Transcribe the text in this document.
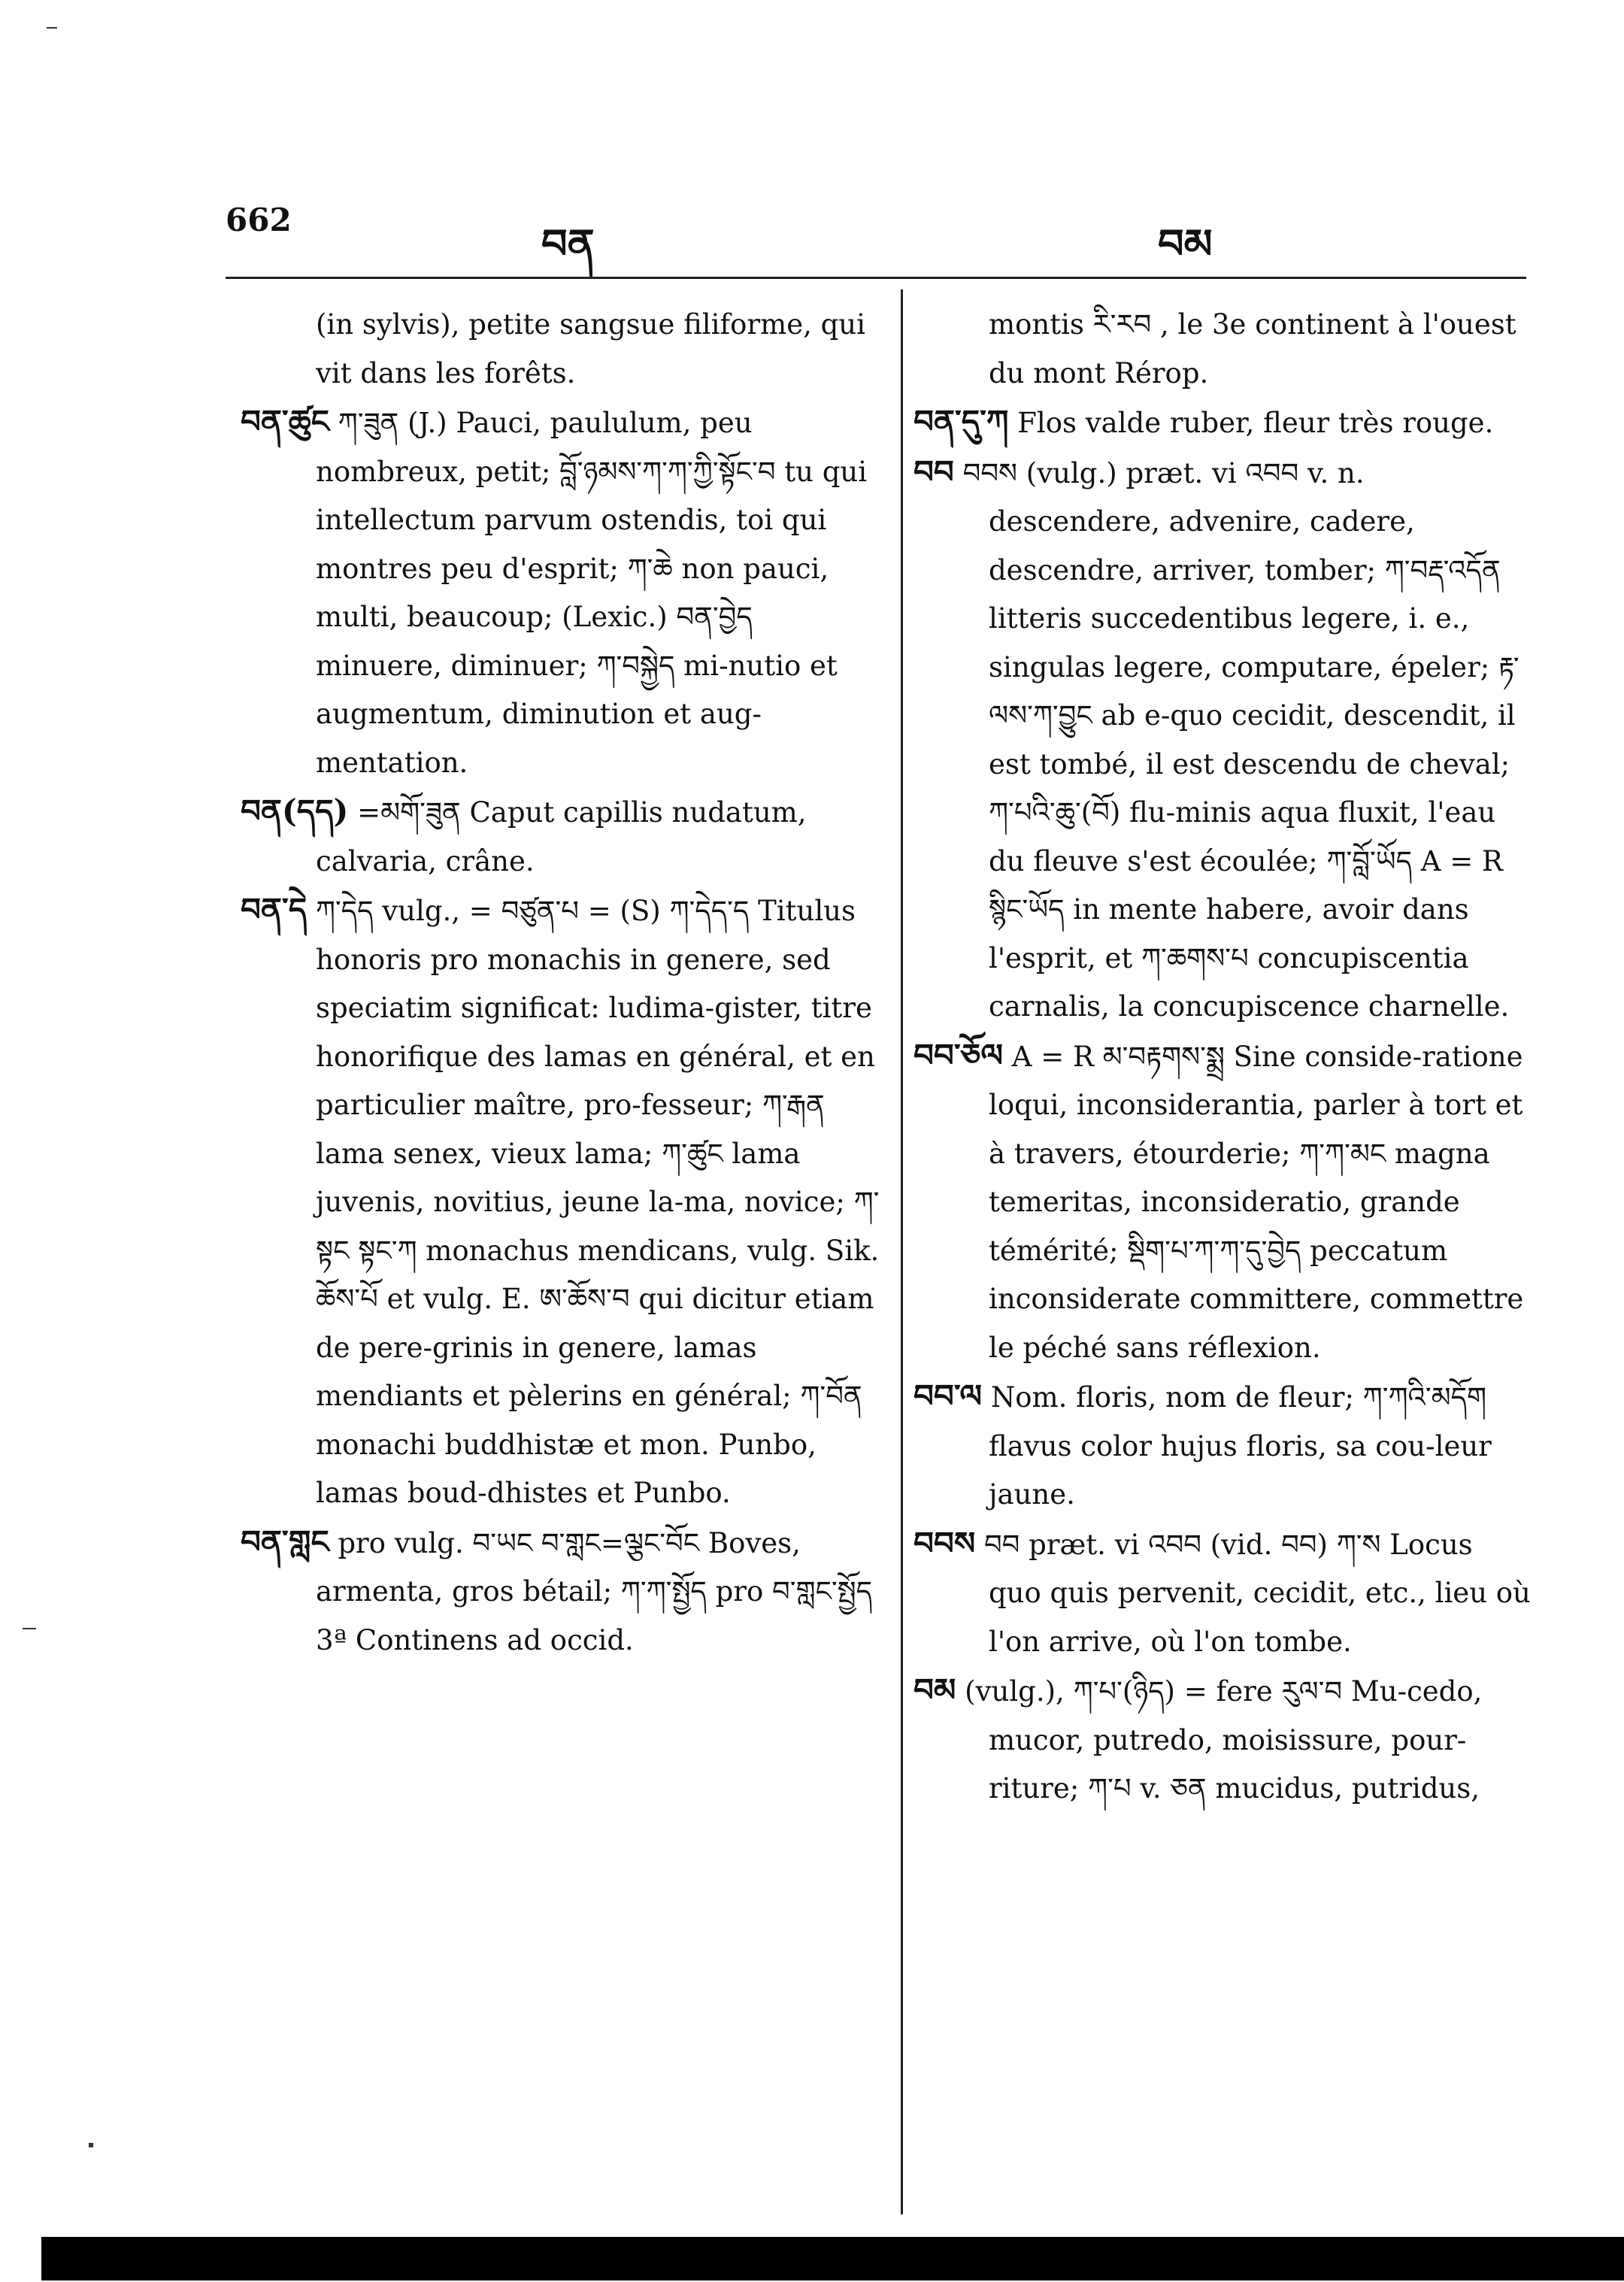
662	བན	བམ

(in sylvis), petite sangsue filiforme, qui vit dans les forêts.

བན་ཚུང ཀ་ཟུན (J.) Pauci, paululum, peu nombreux, petit; བློ་ཉམས་ཀ་ཀ་ཀྱི་སྟོང་བ tu qui intellectum parvum ostendis, toi qui montres peu d'esprit; ཀ་ཆེ non pauci, multi, beaucoup; (Lexic.) བན་བྱེད minuere, diminuer; ཀ་བསྐྱེད mi-nutio et augmentum, diminution et aug-mentation.

བན(དད) =མགོ་ཟུན Caput capillis nudatum, calvaria, crâne.

བན་དེ ཀ་དེད vulg., = བཙུན་པ = (S) ཀ་དེད་ད Titulus honoris pro monachis in genere, sed speciatim significat: ludima-gister, titre honorifique des lamas en général, et en particulier maître, pro-fesseur; ཀ་རྒན lama senex, vieux lama; ཀ་ཚུང lama juvenis, novitius, jeune la-ma, novice; ཀ་སྟང སྟང་ཀ monachus mendicans, vulg. Sik. ཆོས་པོ et vulg. E. ཨ་ཆོས་བ qui dicitur etiam de pere-grinis in genere, lamas mendiants et pèlerins en général; ཀ་བོན monachi buddhistæ et mon. Punbo, lamas boud-dhistes et Punbo.

བན་གླང pro vulg. བ་ཡང བ་གླང=ལྕང་བོང Boves, armenta, gros bétail; ཀ་ཀ་སྤྱོད pro བ་གླང་སྤྱོད 3ª Continens ad occid.

montis རི་རབ , le 3e continent à l'ouest du mont Rérop.

བན་དུ་ཀ Flos valde ruber, fleur très rouge.

བབ བབས (vulg.) præt. vi འབབ v. n. descendere, advenire, cadere, descendre, arriver, tomber; ཀ་བརྡ་འདོན litteris succedentibus legere, i. e., singulas legere, computare, épeler; རྟ་ལས་ཀ་བྱུང ab e-quo cecidit, descendit, il est tombé, il est descendu de cheval; ཀ་པའི་ཆུ་(བོ) flu-minis aqua fluxit, l'eau du fleuve s'est écoulée; ཀ་བློ་ཡོད A = R སྙིང་ཡོད in mente habere, avoir dans l'esprit, et ཀ་ཆགས་པ concupiscentia carnalis, la concupiscence charnelle.

བབ་ཅོལ A = R མ་བརྟགས་སྨྲ Sine conside-ratione loqui, inconsiderantia, parler à tort et à travers, étourderie; ཀ་ཀ་མང magna temeritas, inconsideratio, grande témérité; སྡིག་པ་ཀ་ཀ་དུ་བྱེད peccatum inconsiderate committere, commettre le péché sans réflexion.

བབ་ལ Nom. floris, nom de fleur; ཀ་ཀའི་མདོག flavus color hujus floris, sa cou-leur jaune.

བབས བབ præt. vi འབབ (vid. བབ) ཀ་ས Locus quo quis pervenit, cecidit, etc., lieu où l'on arrive, où l'on tombe.

བམ (vulg.), ཀ་པ་(ཉིད) = fere རུལ་བ Mu-cedo, mucor, putredo, moisissure, pour-riture; ཀ་པ v. ཅན mucidus, putridus,
